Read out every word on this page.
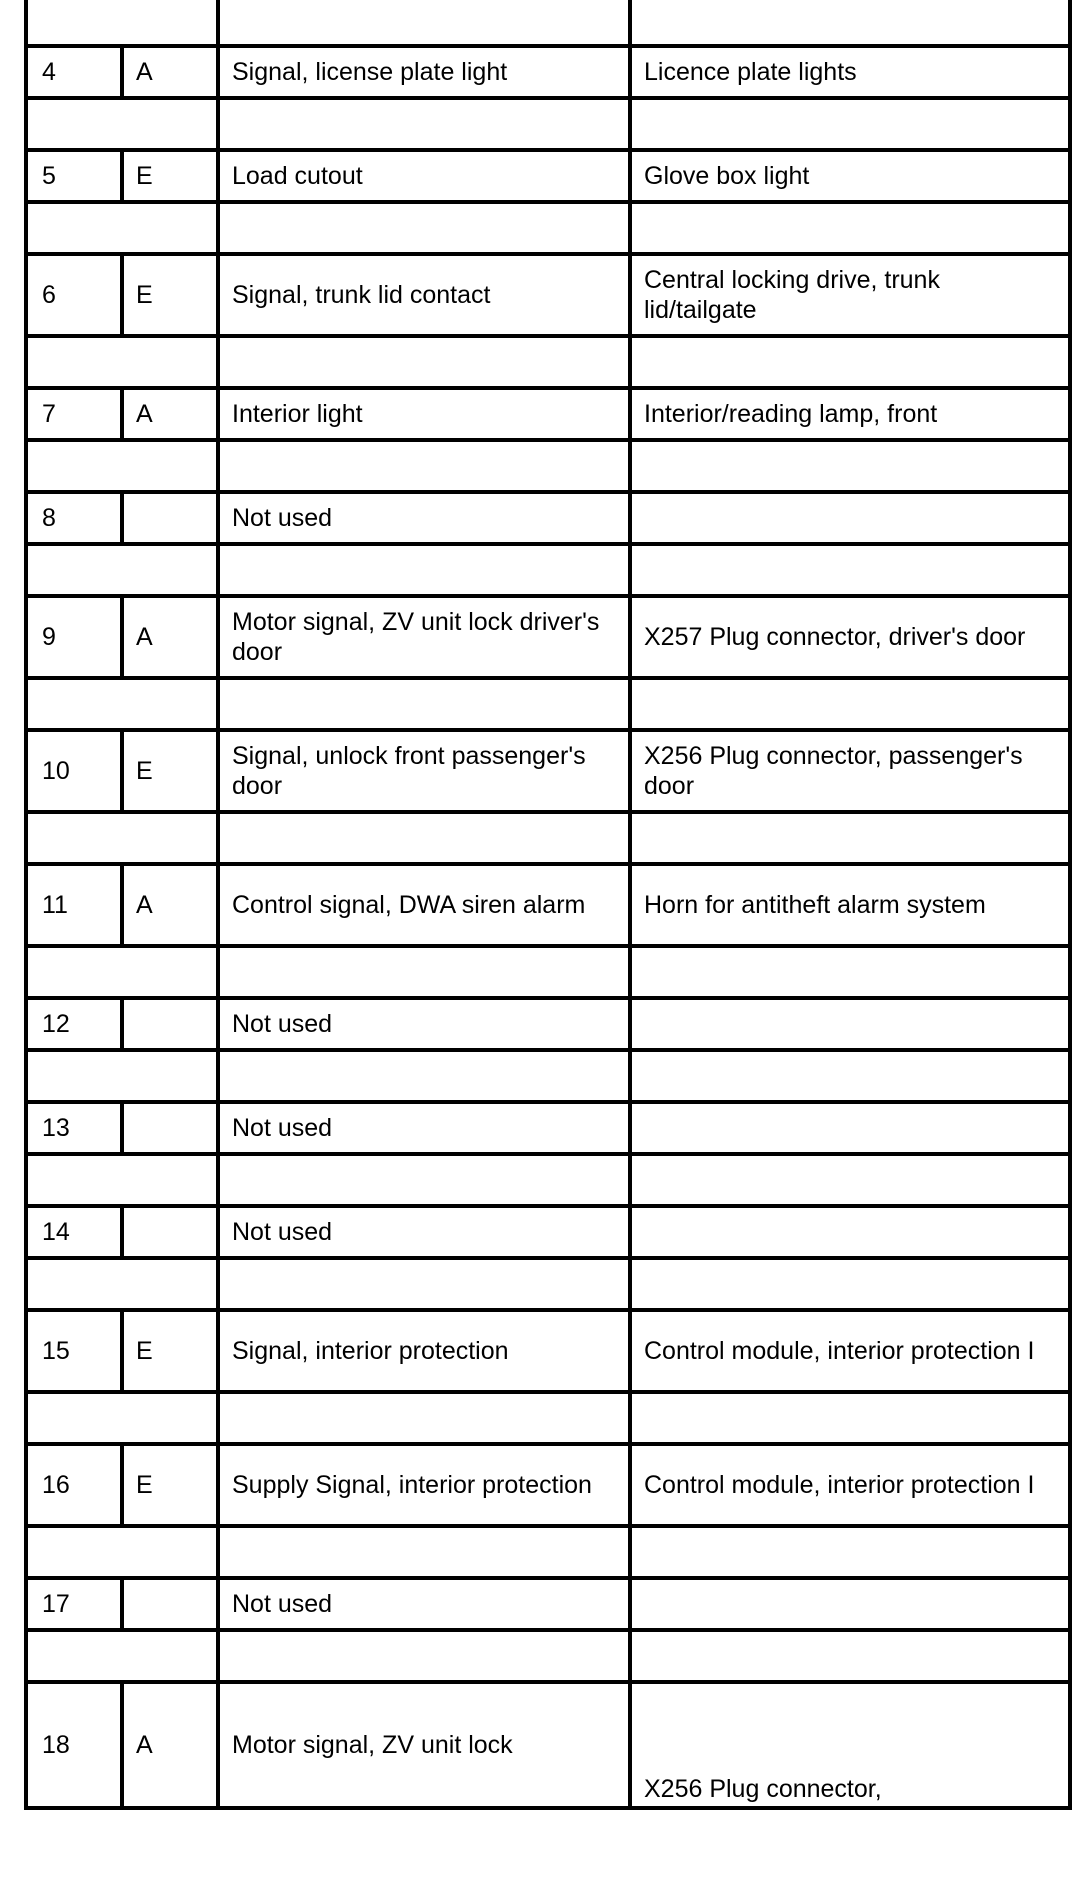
4	A	Signal, license plate light	Licence plate lights

5	E	Load cutout	Glove box light

6	E	Signal, trunk lid contact	Central locking drive, trunk lid/tailgate

7	A	Interior light	Interior/reading lamp, front

8		Not used	

9	A	Motor signal, ZV unit lock driver's door	X257 Plug connector, driver's door

10	E	Signal, unlock front passenger's door	X256 Plug connector, passenger's door

11	A	Control signal, DWA siren alarm	Horn for antitheft alarm system

12		Not used	

13		Not used	

14		Not used	

15	E	Signal, interior protection	Control module, interior protection I

16	E	Supply Signal, interior protection	Control module, interior protection I

17		Not used	

18	A	Motor signal, ZV unit lock	X256 Plug connector,
